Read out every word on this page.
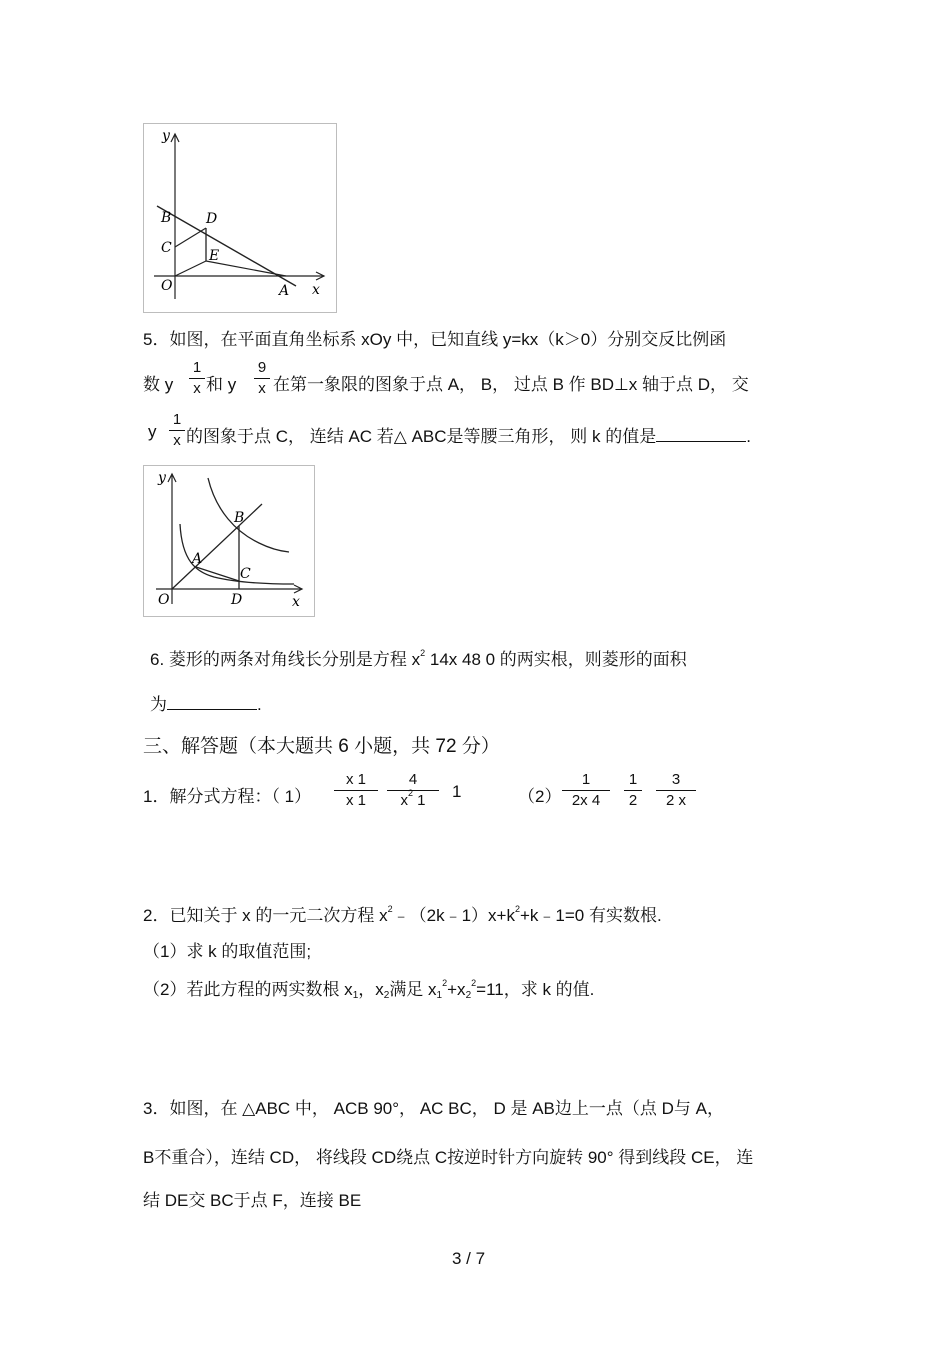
y
x
B D
C	E
O	A
5．如图，在平面直角坐标系 xOy 中，已知直线 y=kx（k＞0）分别交反比例函
数 y
1
x 和 y
9
x 在第一象限的图象于点 A， B， 过点 B 作 BD⊥x 轴于点 D， 交
y
1
x 的图象于点 C， 连结 AC 若△ ABC是等腰三角形， 则 k 的值是	.
y
x
B
A
C
O	D
6. 菱形的两条对角线长分别是方程 $x^2$ 14x 48 0 的两实根，则菱形的面积
为	.
三、解答题（本大题共 6 小题，共 72 分）
1．解分式方程：（ 1）
x 1
x 1
4
$x^2$ 1	1	（2）
1
2x 4
1
2
3
2 x
2．已知关于 x 的一元二次方程 $x^2﹣(2k﹣1)x+k^2+k﹣1=0$ 有实数根.
（1）求 k 的取值范围;
（2）若此方程的两实数根 x1，x2满足 $x1^2+x2^2=11$，求 k 的值.
3．如图，在 △ABC 中， ACB 90°， AC BC， D 是 AB边上一点（点 D与 A，
B不重合），连结 CD， 将线段 CD绕点 C按逆时针方向旋转 90° 得到线段 CE， 连
结 DE交 BC于点 F，连接 BE
3 / 7
